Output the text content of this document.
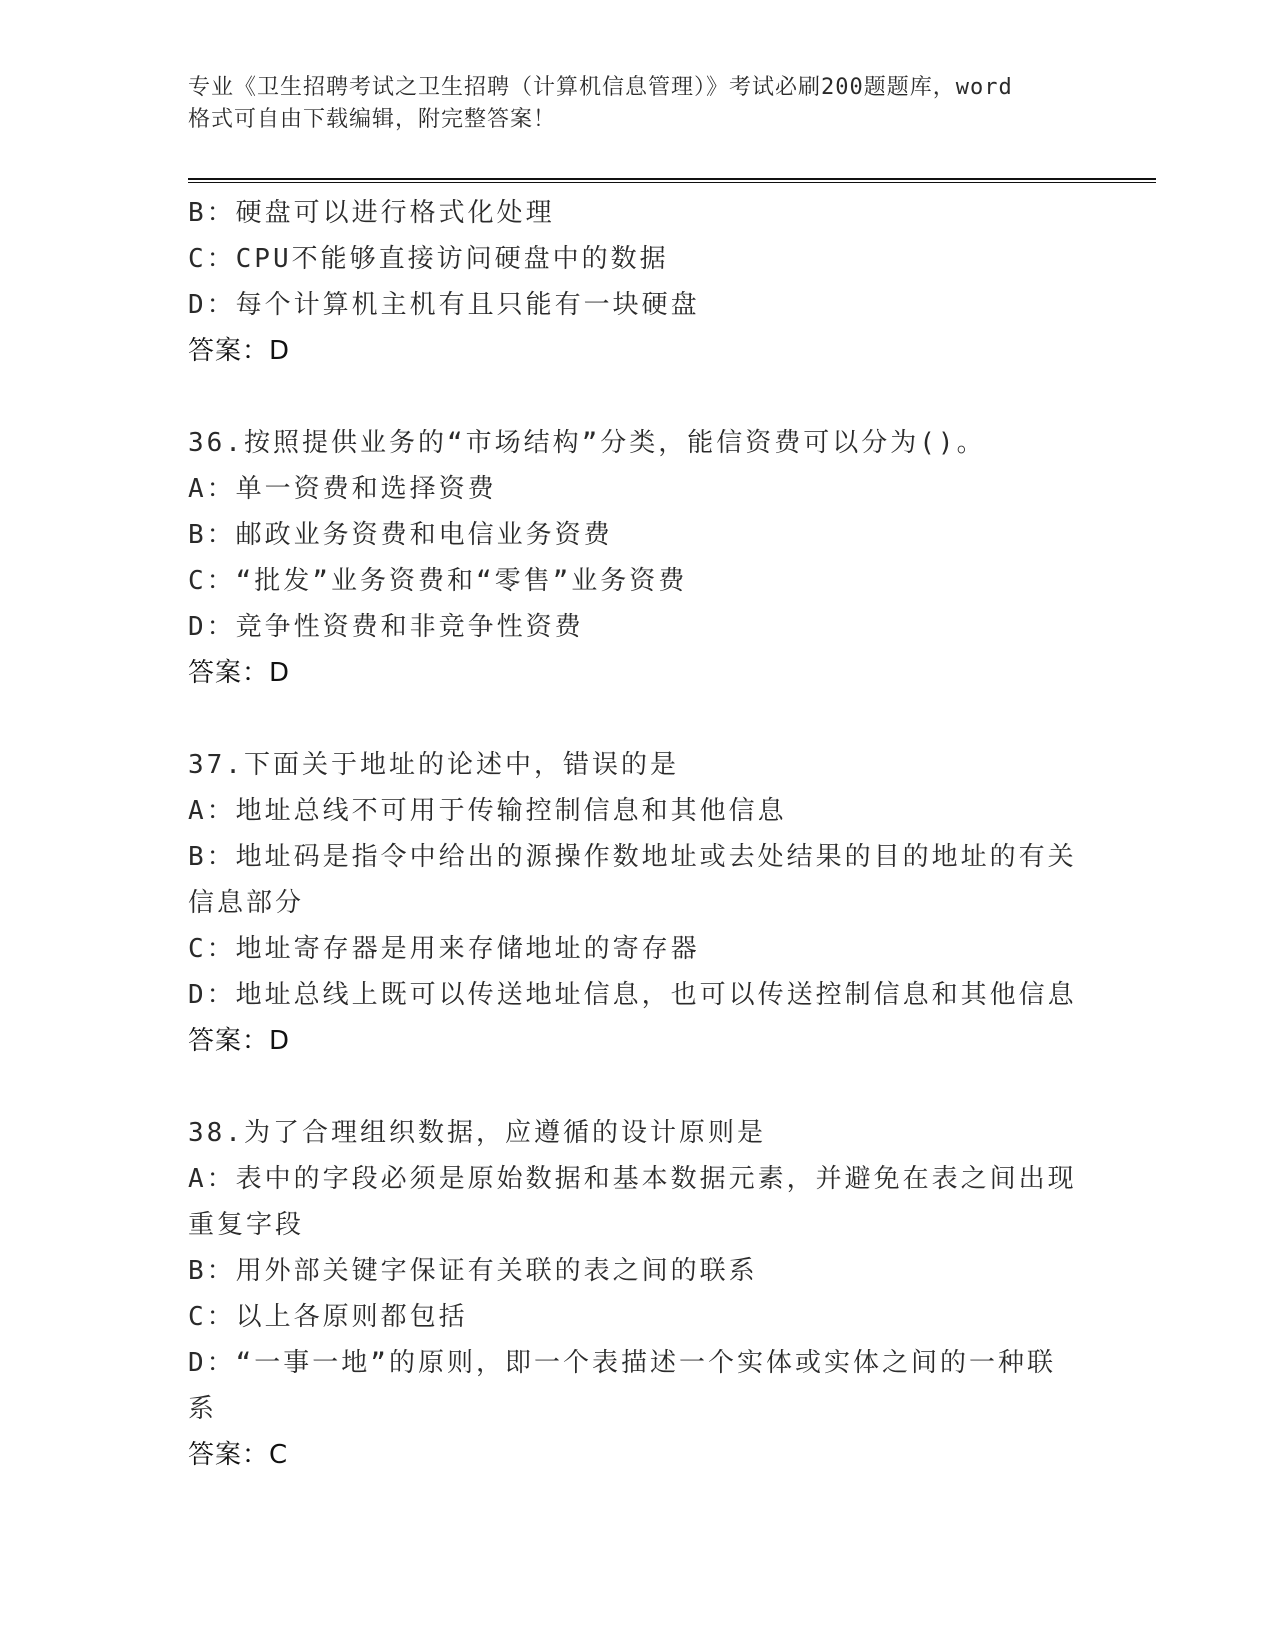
专业《卫生招聘考试之卫生招聘（计算机信息管理）》考试必刷200题题库，word
格式可自由下载编辑，附完整答案！
B：硬盘可以进行格式化处理
C：CPU不能够直接访问硬盘中的数据
D：每个计算机主机有且只能有一块硬盘
答案：D
36.按照提供业务的“市场结构”分类，能信资费可以分为()。
A：单一资费和选择资费
B：邮政业务资费和电信业务资费
C：“批发”业务资费和“零售”业务资费
D：竞争性资费和非竞争性资费
答案：D
37.下面关于地址的论述中，错误的是
A：地址总线不可用于传输控制信息和其他信息
B：地址码是指令中给出的源操作数地址或去处结果的目的地址的有关信息部分
C：地址寄存器是用来存储地址的寄存器
D：地址总线上既可以传送地址信息，也可以传送控制信息和其他信息
答案：D
38.为了合理组织数据，应遵循的设计原则是
A：表中的字段必须是原始数据和基本数据元素，并避免在表之间出现重复字段
B：用外部关键字保证有关联的表之间的联系
C：以上各原则都包括
D：“一事一地”的原则，即一个表描述一个实体或实体之间的一种联系
答案：C
